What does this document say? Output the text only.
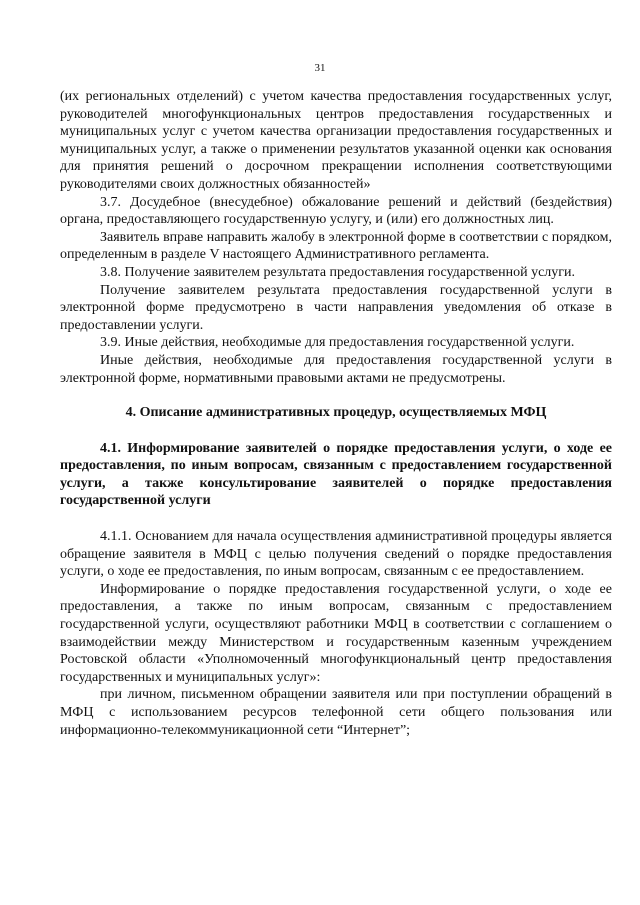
31

(их региональных отделений) с учетом качества предоставления государственных услуг, руководителей многофункциональных центров предоставления государственных и муниципальных услуг с учетом качества организации предоставления государственных и муниципальных услуг, а также о применении результатов указанной оценки как основания для принятия решений о досрочном прекращении исполнения соответствующими руководителями своих должностных обязанностей»

3.7. Досудебное (внесудебное) обжалование решений и действий (бездействия) органа, предоставляющего государственную услугу, и (или) его должностных лиц.

Заявитель вправе направить жалобу в электронной форме в соответствии с порядком, определенным в разделе V настоящего Административного регламента.

3.8. Получение заявителем результата предоставления государственной услуги.

Получение заявителем результата предоставления государственной услуги в электронной форме предусмотрено в части направления уведомления об отказе в предоставлении услуги.

3.9. Иные действия, необходимые для предоставления государственной услуги.

Иные действия, необходимые для предоставления государственной услуги в электронной форме, нормативными правовыми актами не предусмотрены.

4. Описание административных процедур, осуществляемых МФЦ

4.1. Информирование заявителей о порядке предоставления услуги, о ходе ее предоставления, по иным вопросам, связанным с предоставлением государственной услуги, а также консультирование заявителей о порядке предоставления государственной услуги

4.1.1. Основанием для начала осуществления административной процедуры является обращение заявителя в МФЦ с целью получения сведений о порядке предоставления услуги, о ходе ее предоставления, по иным вопросам, связанным с ее предоставлением.

Информирование о порядке предоставления государственной услуги, о ходе ее предоставления, а также по иным вопросам, связанным с предоставлением государственной услуги, осуществляют работники МФЦ в соответствии с соглашением о взаимодействии между Министерством и государственным казенным учреждением Ростовской области «Уполномоченный многофункциональный центр предоставления государственных и муниципальных услуг»:

при личном, письменном обращении заявителя или при поступлении обращений в МФЦ с использованием ресурсов телефонной сети общего пользования или информационно-телекоммуникационной сети “Интернет”;
